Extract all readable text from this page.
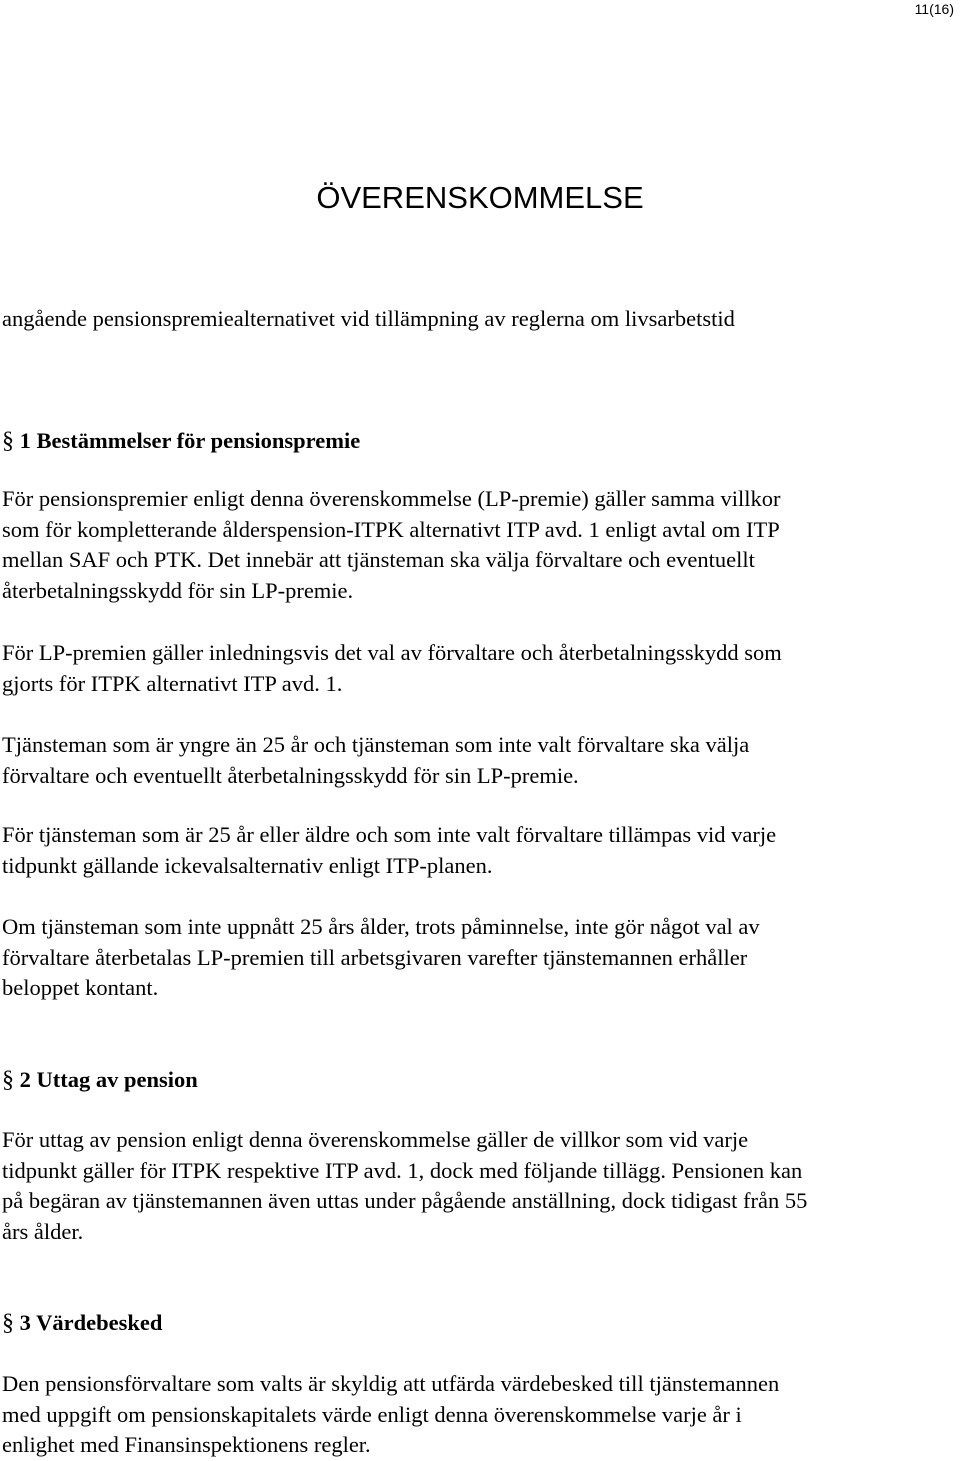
11(16)
ÖVERENSKOMMELSE

angående pensionspremiealternativet vid tillämpning av reglerna om livsarbetstid

§ 1 Bestämmelser för pensionspremie
För pensionspremier enligt denna överenskommelse (LP-premie) gäller samma villkor
som för kompletterande ålderspension-ITPK alternativt ITP avd. 1 enligt avtal om ITP
mellan SAF och PTK. Det innebär att tjänsteman ska välja förvaltare och eventuellt
återbetalningsskydd för sin LP-premie.
För LP-premien gäller inledningsvis det val av förvaltare och återbetalningsskydd som
gjorts för ITPK alternativt ITP avd. 1.
Tjänsteman som är yngre än 25 år och tjänsteman som inte valt förvaltare ska välja
förvaltare och eventuellt återbetalningsskydd för sin LP-premie.
För tjänsteman som är 25 år eller äldre och som inte valt förvaltare tillämpas vid varje
tidpunkt gällande ickevalsalternativ enligt ITP-planen.
Om tjänsteman som inte uppnått 25 års ålder, trots påminnelse, inte gör något val av
förvaltare återbetalas LP-premien till arbetsgivaren varefter tjänstemannen erhåller
beloppet kontant.
§ 2 Uttag av pension
För uttag av pension enligt denna överenskommelse gäller de villkor som vid varje
tidpunkt gäller för ITPK respektive ITP avd. 1, dock med följande tillägg. Pensionen kan
på begäran av tjänstemannen även uttas under pågående anställning, dock tidigast från 55
års ålder.
§ 3 Värdebesked
Den pensionsförvaltare som valts är skyldig att utfärda värdebesked till tjänstemannen
med uppgift om pensionskapitalets värde enligt denna överenskommelse varje år i
enlighet med Finansinspektionens regler.
